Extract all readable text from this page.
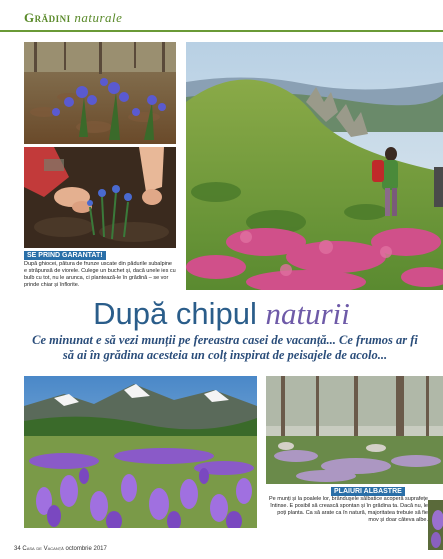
Grădini naturale
SE PRIND GARANTAT!
După ghiocei, pătura de frunze uscate din pădurile subalpine e străpunsă de viorele. Culege un buchet și, dacă unele ies cu bulb cu tot, nu le arunca, ci plantează-le în grădină – se vor prinde chiar și înflorite.
După chipul naturii
Ce minunat e să vezi munții pe fereastra casei de vacanță... Ce frumos ar fi să ai în grădina acesteia un colț inspirat de peisajele de acolo...
PLAIURI ALBASTRE
Pe munți și la poalele lor, brânduşele sălbatice acoperă suprafețe întinse. E posibil să crească spontan și în grădina ta. Dacă nu, le poți planta. Ca să arate ca în natură, majoritatea trebuie să fie mov și doar câteva albe.
34 Casa de Vacanță octombrie 2017
